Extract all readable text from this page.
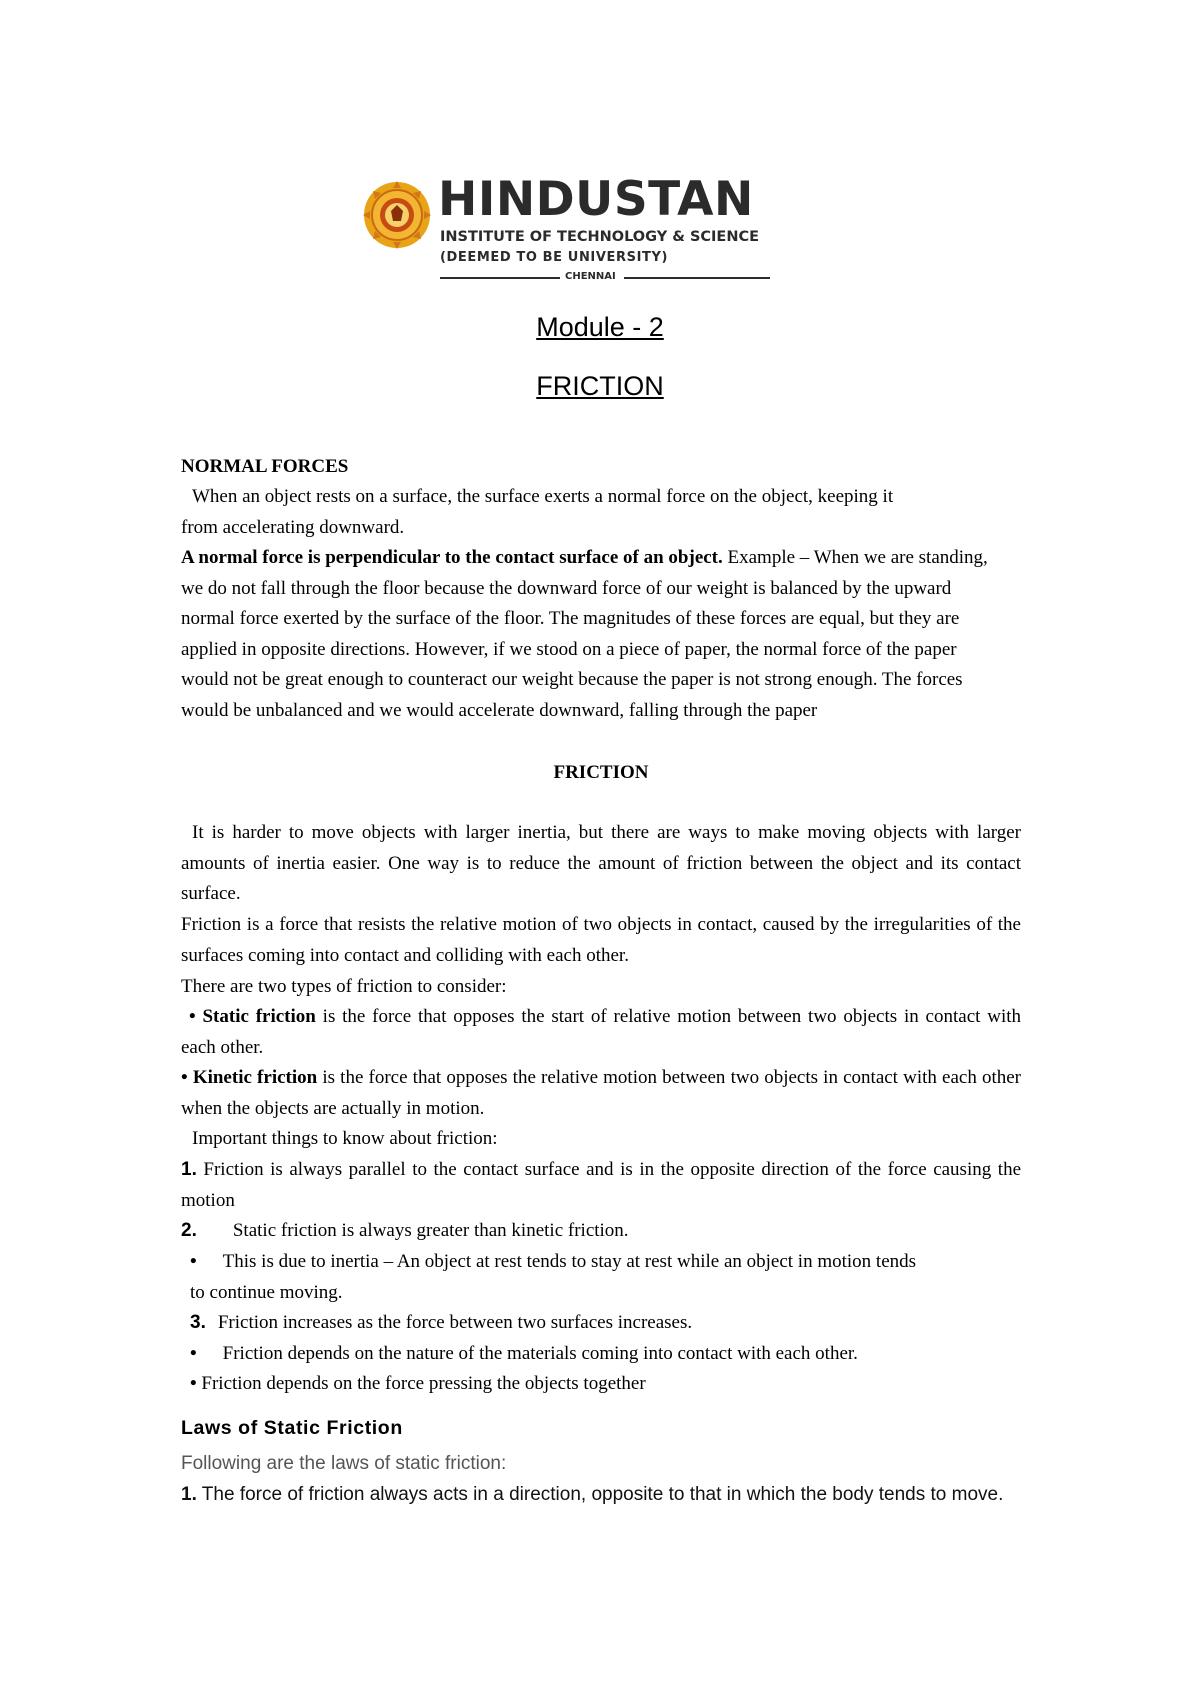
HINDUSTAN
INSTITUTE OF TECHNOLOGY & SCIENCE
(DEEMED TO BE UNIVERSITY)
CHENNAI
Module - 2
FRICTION
NORMAL FORCES
When an object rests on a surface, the surface exerts a normal force on the object, keeping it
from accelerating downward.
A normal force is perpendicular to the contact surface of an object. Example – When we are standing, we do not fall through the floor because the downward force of our weight is balanced by the upward normal force exerted by the surface of the floor. The magnitudes of these forces are equal, but they are applied in opposite directions. However, if we stood on a piece of paper, the normal force of the paper would not be great enough to counteract our weight because the paper is not strong enough. The forces would be unbalanced and we would accelerate downward, falling through the paper
FRICTION
It is harder to move objects with larger inertia, but there are ways to make moving objects with larger amounts of inertia easier. One way is to reduce the amount of friction between the object and its contact surface.
Friction is a force that resists the relative motion of two objects in contact, caused by the irregularities of the surfaces coming into contact and colliding with each other.
There are two types of friction to consider:
• Static friction is the force that opposes the start of relative motion between two objects in contact with each other.
• Kinetic friction is the force that opposes the relative motion between two objects in contact with each other when the objects are actually in motion.
Important things to know about friction:
1. Friction is always parallel to the contact surface and is in the opposite direction of the force causing the motion
2. Static friction is always greater than kinetic friction.
• This is due to inertia – An object at rest tends to stay at rest while an object in motion tends
to continue moving.
3. Friction increases as the force between two surfaces increases.
• Friction depends on the nature of the materials coming into contact with each other.
• Friction depends on the force pressing the objects together
Laws of Static Friction
Following are the laws of static friction:
1. The force of friction always acts in a direction, opposite to that in which the body tends to move.
